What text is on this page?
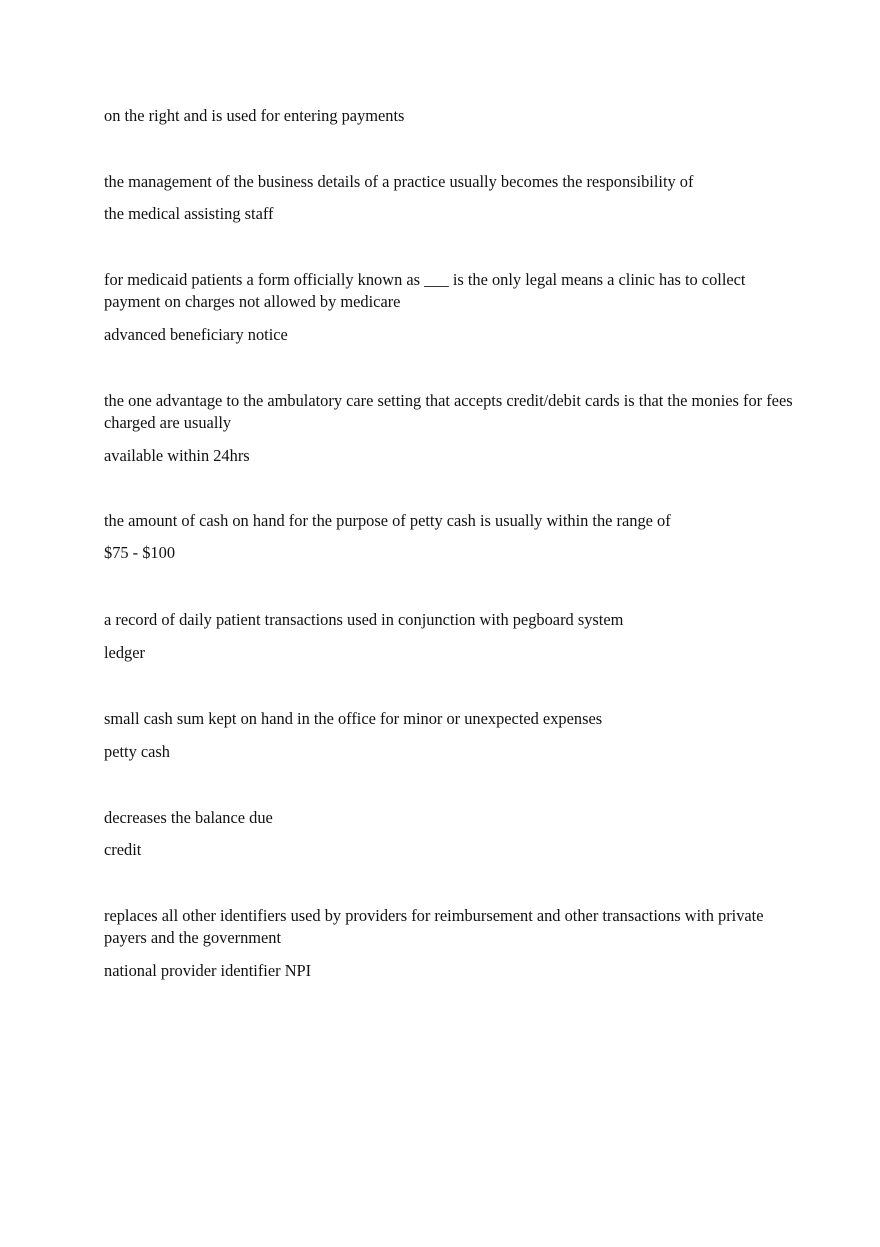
on the right and is used for entering payments

the management of the business details of a practice usually becomes the responsibility of

the medical assisting staff

for medicaid patients a form officially known as ___ is the only legal means a clinic has to collect payment on charges not allowed by medicare

advanced beneficiary notice

the one advantage to the ambulatory care setting that accepts credit/debit cards is that the monies for fees charged are usually

available within 24hrs

the amount of cash on hand for the purpose of petty cash is usually within the range of

$75 - $100

a record of daily patient transactions used in conjunction with pegboard system

ledger

small cash sum kept on hand in the office for minor or unexpected expenses

petty cash

decreases the balance due

credit

replaces all other identifiers used by providers for reimbursement and other transactions with private payers and the government

national provider identifier NPI
